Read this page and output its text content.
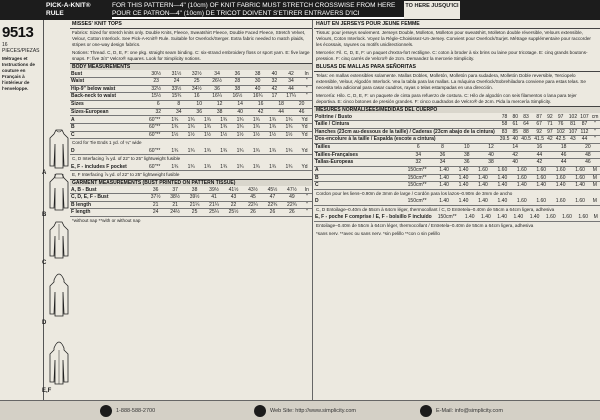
PICK-A-KNIT® RULE
FOR THIS PATTERN—4" (10cm) OF KNIT FABRIC MUST STRETCH CROSSWISE FROM HERE
POUR CE PATRON—4" (10cm) DE TRICOT DOIVENT S'ETIRER ENTRAVERS D'ICI
TO HERE JUSQU'ICI
9513
16 PIECES/PIEZAS
Métrages et Instructions de couture en Français à l'intérieur de l'enveloppe.
A
B
C
D
E,F
MISSES' KNIT TOPS
Fabrics: Sized for stretch knits only. Double Knits, Fleece, Sweatshirt Fleece, Double Faced Fleece, Stretch Velvet, Velour, Cotton Interlock. See Pick-A-Knit® Rule. Suitable for Overlock/Serger. Extra fabric needed to match plaids, stripes or one-way design fabrics.
Notions: Thread. C, D, E, F: one pkg. straight seam binding. C: six-strand embroidery floss or sport yarn. E: five large snaps. F: five 3/4" Velcro® squares. Look for Simplicity notions.
BODY MEASUREMENTS
Bust		30½	31½	32½	34	36	38	40	42	In
Waist		23	24	25	26½	28	30	32	34	"
Hip-9" below waist		32½	33½	34½	36	38	40	42	44	"
Back-neck to waist		15½	15¾	16	16¼	16½	16¾	17	17¼	"
Sizes		6	8	10	12	14	16	18	20
Sizes-European		32	34	36	38	40	42	44	46
A	60"**	1¾	1¾	1¾	1¾	1¾	1¾	1¾	1¾	Yd
B	60"**	1¾	1¾	1¾	1¾	1¾	1¾	1¾	1¾	Yd
C	60"**	1½	1½	1½	1½	1½	1½	1½	1½	Yd
Cord for Tie Ends 1 yd. of ¼" wide
D	60"**	1¾	1¾	1¾	1¾	1¾	1¾	1¾	1¾	Yd
C, D Interfacing ⅞ yd. of 22" to 25" lightweight fusible
E, F - includes F pocket	60"**	1¾	1¾	1¾	1¾	1¾	1¾	1¾	1¾	Yd
E, F Interfacing ⅞ yd. of 22" to 25" lightweight fusible
GARMENT MEASUREMENTS (BUST PRINTED ON PATTERN TISSUE)
A, B - Bust		36	37	38	39½	41½	43½	45½	47½	In
C, D, E, F - Bust		37½	38½	39½	41	43	45	47	49	"
B length		21	21	21¼	21¼	22	22¼	22¾	22¾	"
F length		24	24½	25	25¼	25½	26	26	26	"
*without nap **with or without nap
HAUT EN JERSEYS POUR JEUNE FEMME
Tissus: pour jerseys seulement. Jerseys Double, Molleton, Molleton pour sweatshirt, Molleton double réversible, Velours extensible, Velours, Coton Interlock. Voyez la Règle-Choisissez-Un-Jersey. Convient pour Overlock/Surjet. Métrage supplémentaire pour raccorder les écossais, rayures ou motifs unidirectionnels.
Mercerie: Fil. C, D, E, F: un paquet d'extra-fort rectiligne. C: coton à broder à six brins ou laine pour tricotage. E: cinq grands boutons-pression. F: cinq carrés de Velcro® de 2cm. Demandez la mercerie Simplicity.
BLUSAS DE MALLAS PARA SEÑORITAS
Telas: en mallas extensibles solamente. Mallas Dobles, Molletón, Molletón para sudadera, Molletón Doble reversible, Terciopelo extensible, Velour, Algodón Interlock. Vea la tabla para las mallas. La máquina Overlock/Sobrehiladora conviene para estas telas. Se necesita tela adicional para casar cuadros, rayas o telas estampadas en una dirección.
Mercería: Hilo. C, D, E, F: un paquete de cinta para refuerzo de costura. C: Hilo de algodón con seis filamentos o lana para tejer deportiva. E: cinco botones de presión grandes. F: cinco cuadrados de Velcro® de 2cm. Pida la mercería Simplicity.
MESURES NORMALISÉES/MEDIDAS DEL CUERPO
Poitrine / Busto		78	80	83	87	92	97	102	107	cm
Taille / Cintura		58	61	64	67	71	76	81	87	"
Hanches (23cm au-dessous de la taille) / Caderas (23cm abajo de la cintura)		83	85	88	92	97	102	107	112	"
Dos-encolure à la taille / Espalda (escote a cintura)		39.5	40	40.5	41.5	42	42.5	43	44	"
Tailles		6	8	10	12	14	16	18	20
Tailles-Françaises		34	36	38	40	42	44	46	48
Tallas-Europeas		32	34	36	38	40	42	44	46
A	150cm**	1.40	1.40	1.60	1.60	1.60	1.60	1.60	1.60	M
B	150cm**	1.40	1.40	1.40	1.40	1.60	1.60	1.60	1.60	M
C	150cm**	1.40	1.40	1.40	1.40	1.40	1.40	1.40	1.40	M
Cordon pour les liens–0.90m de 3mm de large / Cordón para los lazos–0.90m de 3mm de ancho
D	150cm**	1.40	1.40	1.40	1.40	1.60	1.60	1.60	1.60	M
C, D Entoilage–0.40m de 55cm à 64cm léger, thermocollant / C, D Entretela–0.40m de 55cm a 64cm ligera, adhesiva
E, F - poche F comprise / E, F - bolsillo F incluído	150cm**	1.40	1.40	1.40	1.40	1.40	1.60	1.60	1.60	M
Entoilage–0.40m de 55cm à 64cm léger, thermocollant / Entretela–0.40m de 55cm a 64cm ligera, adhesiva
*sans nerv. **avec ou sans nerv. *sin pelillo **con o sin pelillo
1-888-588-2700	Web Site: http://www.simplicity.com	E-Mail: info@simplicity.com
